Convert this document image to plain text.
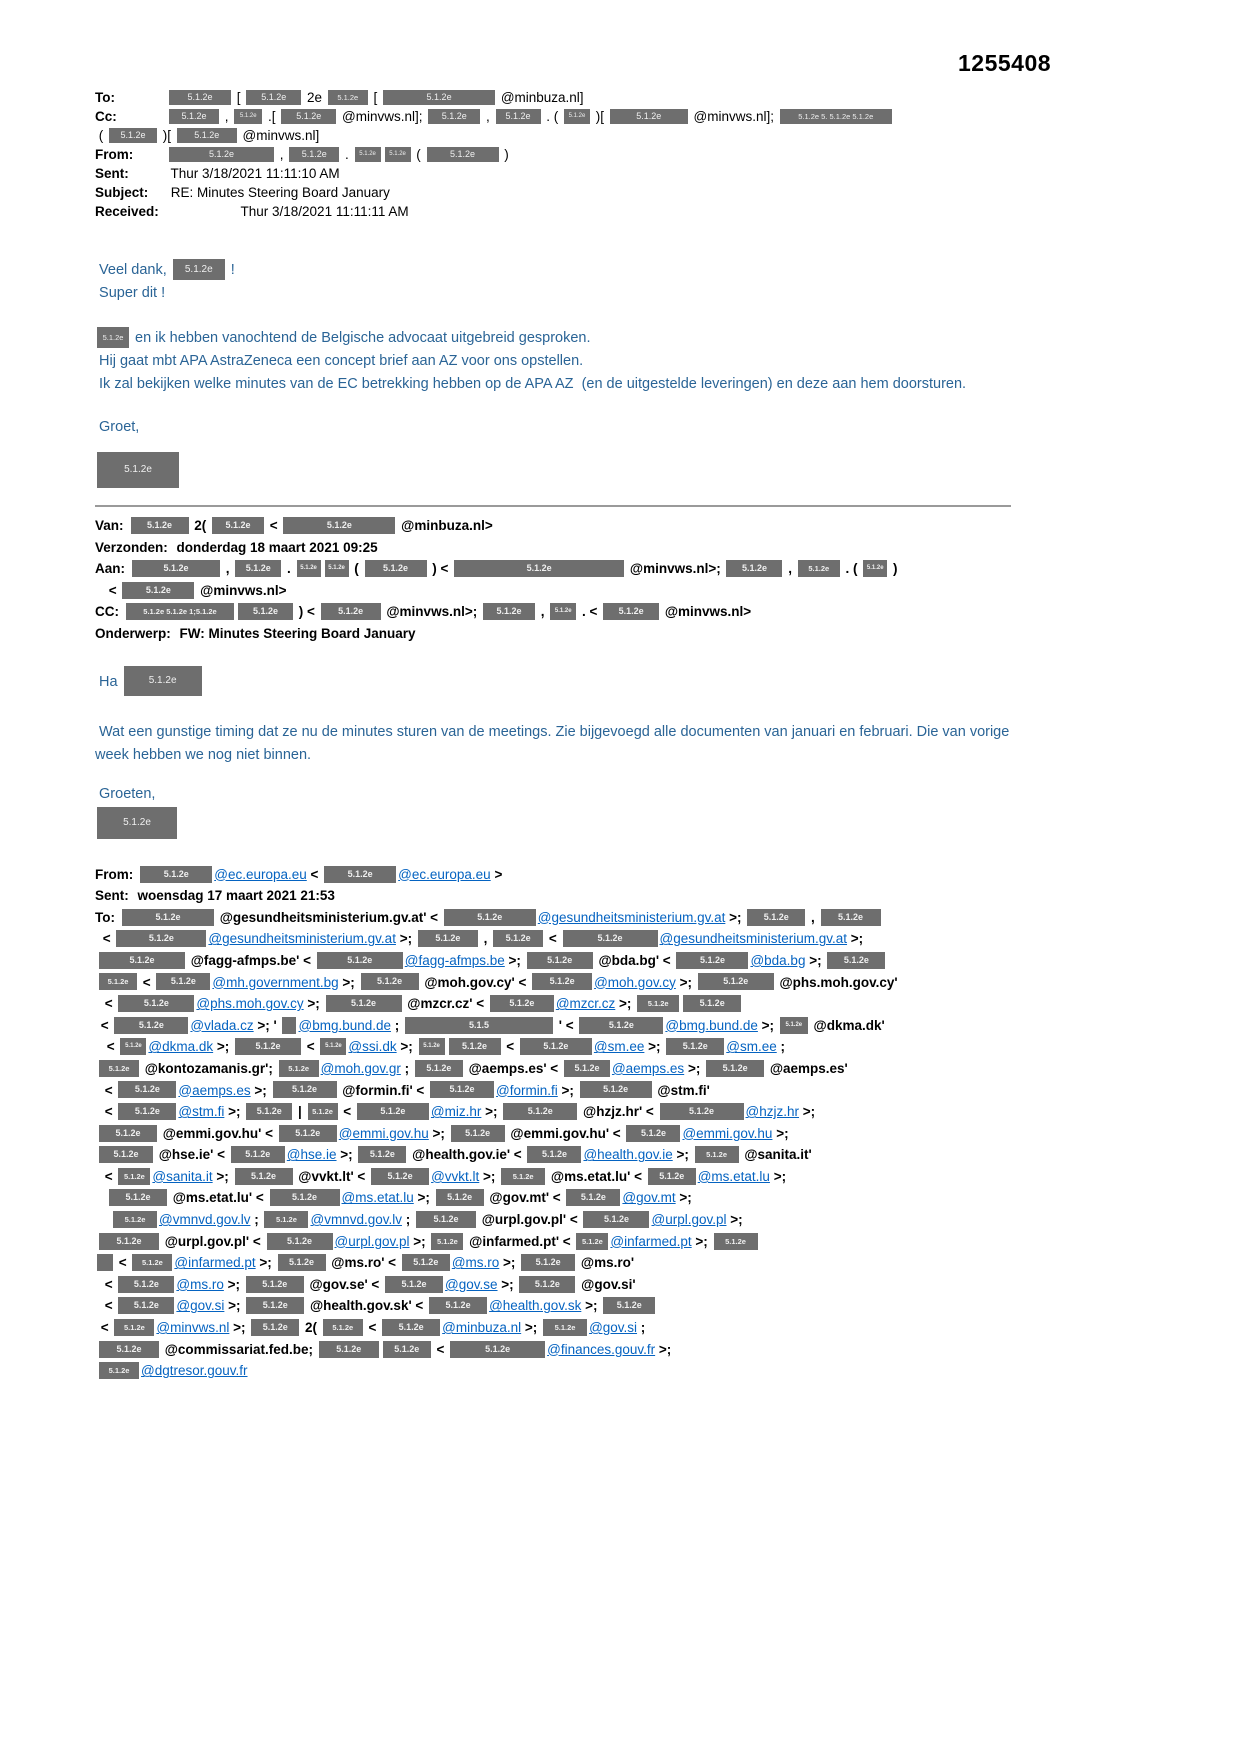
1255408
To:	5.1.2e [ 5.1.2e 2e 5.1.2e [	5.1.2e	@minbuza.nl]
Cc:	5.1.2e , 5.1.2e .[ 5.1.2e @minvws.nl]; 5.1.2e , 5.1.2e . ( 5.1.2e )[	5.1.2e @minvws.nl];	5.1.2e 5. 5.1.2e 5.1.2e
( 5.1.2e )[ 5.1.2e @minvws.nl]
From:	5.1.2e	, 5.1.2e . 5.1.2e 5.1.2e (	5.1.2e )
Sent:	Thur 3/18/2021 11:11:10 AM
Subject: RE: Minutes Steering Board January
Received:	Thur 3/18/2021 11:11:11 AM
Veel dank, 5.1.2e !
Super dit !
5.1.2e en ik hebben vanochtend de Belgische advocaat uitgebreid gesproken.
Hij gaat mbt APA AstraZeneca een concept brief aan AZ voor ons opstellen.
Ik zal bekijken welke minutes van de EC betrekking hebben op de APA AZ  (en de uitgestelde leveringen) en deze aan hem doorsturen.
Groet,
5.1.2e
Van:	5.1.2e 2( 5.1.2e <	5.1.2e	@minbuza.nl>
Verzonden: donderdag 18 maart 2021 09:25
Aan:	5.1.2e , 5.1.2e . 5.1.2e 5.1.2e ( 5.1.2e ) <	5.1.2e	@minvws.nl>; 5.1.2e , 5.1.2e . ( 5.1.2e )
<	5.1.2e @minvws.nl>
CC:	5.1.2e 5.1.2e 1;5.1.2e	5.1.2e ) < 5.1.2e @minvws.nl>; 5.1.2e , 5.1.2e . < 5.1.2e @minvws.nl>
Onderwerp: FW: Minutes Steering Board January
Ha	5.1.2e
Wat een gunstige timing dat ze nu de minutes sturen van de meetings. Zie bijgevoegd alle documenten van januari en februari. Die van vorige week hebben we nog niet binnen.
Groeten,
5.1.2e
From:	5.1.2e @ec.europa.eu <	5.1.2e @ec.europa.eu >
Sent: woensdag 17 maart 2021 21:53
To:	5.1.2e	@gesundheitsministerium.gv.at' <	5.1.2e	@gesundheitsministerium.gv.at >; 5.1.2e , 5.1.2e
<	5.1.2e	@gesundheitsministerium.gv.at >; 5.1.2e , 5.1.2e <	5.1.2e	@gesundheitsministerium.gv.at >;
5.1.2e @fagg-afmps.be' <	5.1.2e @fagg-afmps.be >; 5.1.2e @bda.bg' <	5.1.2e @bda.bg >; 5.1.2e
5.1.2e < 5.1.2e @mh.government.bg >; 5.1.2e @moh.gov.cy' < 5.1.2e @moh.gov.cy >;	5.1.2e @phs.moh.gov.cy'
<	5.1.2e @phs.moh.gov.cy >;	5.1.2e @mzcr.cz' < 5.1.2e @mzcr.cz >; 5.1.2e	5.1.2e
<	5.1.2e @vlada.cz >; ' @bmg.bund.de ;	5.1.5	' <	5.1.2e @bmg.bund.de >; 5.1.2e @dkma.dk'
< 5.1.2e @dkma.dk >; 5.1.2e < 5.1.2e @ssi.dk >; 5.1.2e 5.1.2e <	5.1.2e @sm.ee >; 5.1.2e @sm.ee ;
5.1.2e @kontozamanis.gr'; 5.1.2e @moh.gov.gr ; 5.1.2e @aemps.es' < 5.1.2e @aemps.es >; 5.1.2e @aemps.es'
< 5.1.2e @aemps.es >; 5.1.2e @formin.fi' < 5.1.2e @formin.fi >;	5.1.2e @stm.fi'
< 5.1.2e @stm.fi >; 5.1.2e | 5.1.2e <	5.1.2e @miz.hr >;	5.1.2e @hzjz.hr' <	5.1.2e @hzjz.hr >;
5.1.2e @emmi.gov.hu' < 5.1.2e @emmi.gov.hu >; 5.1.2e @emmi.gov.hu' < 5.1.2e @emmi.gov.hu >;
5.1.2e @hse.ie' < 5.1.2e @hse.ie >; 5.1.2e @health.gov.ie' < 5.1.2e @health.gov.ie >; 5.1.2e @sanita.it'
< 5.1.2e @sanita.it >; 5.1.2e @vvkt.lt' < 5.1.2e @vvkt.lt >; 5.1.2e @ms.etat.lu' < 5.1.2e @ms.etat.lu >;
5.1.2e @ms.etat.lu' <	5.1.2e @ms.etat.lu >; 5.1.2e @gov.mt' < 5.1.2e @gov.mt >;
5.1.2e @vmnvd.gov.lv ; 5.1.2e @vmnvd.gov.lv ; 5.1.2e @urpl.gov.pl' < 5.1.2e @urpl.gov.pl >;
5.1.2e @urpl.gov.pl' < 5.1.2e @urpl.gov.pl >; 5.1.2e @infarmed.pt' < 5.1.2e @infarmed.pt >; 5.1.2e
< 5.1.2e @infarmed.pt >; 5.1.2e @ms.ro' < 5.1.2e @ms.ro >; 5.1.2e @ms.ro'
< 5.1.2e @ms.ro >; 5.1.2e @gov.se' < 5.1.2e @gov.se >; 5.1.2e @gov.si'
< 5.1.2e @gov.si >; 5.1.2e @health.gov.sk' < 5.1.2e @health.gov.sk >; 5.1.2e
< 5.1.2e @minvws.nl >; 5.1.2e 2( 5.1.2e < 5.1.2e @minbuza.nl >; 5.1.2e @gov.si ;
5.1.2e @commissariat.fed.be; 5.1.2e	5.1.2e <	5.1.2e	@finances.gouv.fr >;
5.1.2e @dgtresor.gouv.fr
